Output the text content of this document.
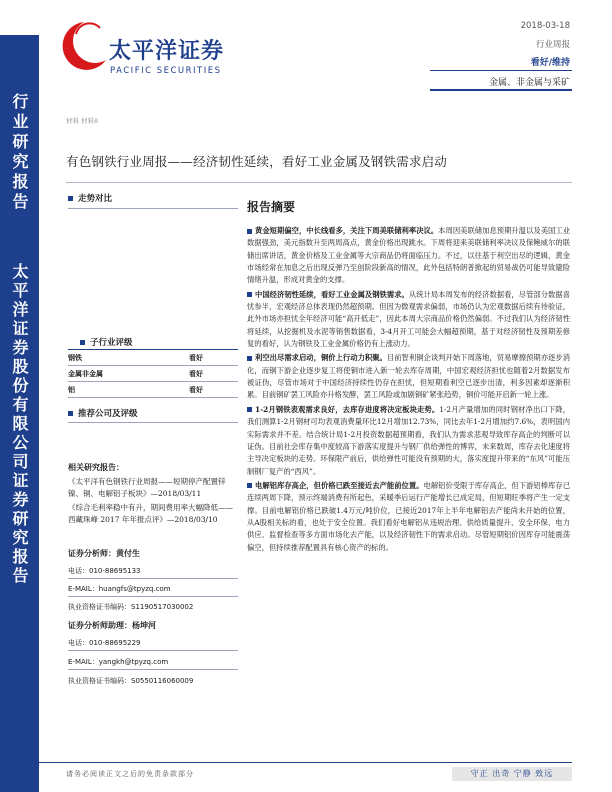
行业研究报告
太平洋证券股份有限公司证券研究报告
太平洋证券
PACIFIC SECURITIES
2018-03-18
行业周报
看好/维持
金属、非金属与采矿
材料 材料II
有色钢铁行业周报——经济韧性延续，看好工业金属及钢铁需求启动
走势对比
子行业评级
钢铁	看好
金属非金属	看好
铝	看好
推荐公司及评级
相关研究报告：
《太平洋有色钢铁行业周报——短期停产配置锌镍、铜、电解铝子板块》—2018/03/11
《综合毛利率稳中有升，期间费用率大幅降低——西藏珠峰 2017 年年报点评》—2018/03/10
证券分析师：黄付生
电话：010-88695133
E-MAIL：huangfs@tpyzq.com
执业资格证书编码：S1190517030002
证券分析师助理：杨坤河
电话：010-88695229
E-MAIL：yangkh@tpyzq.com
执业资格证书编码：S0550116060009
报告摘要

黄金短期偏空，中长线看多，关注下周美联储利率决议。本周因美联储加息预期升温以及美国工业数据强劲，美元指数升至两周高点，黄金价格出现跳水。下周将迎来美联储利率决议及保鲍威尔的联储出席讲话，黄金价格及工业金属等大宗商品仍将面临压力。不过，以往基于利空出尽的逻辑，黄金市场经常在加息之后出现反弹乃至创阶段新高的情况，此外包括特朗普掀起的贸易战仍可能导致避险情绪升温，形成对黄金的支撑。

中国经济韧性延续，看好工业金属及钢铁需求。从统计局本周发布的经济数据看，尽管部分数据喜忧参半，宏观经济总体表现仍然超预期。但因为微观需求偏弱，市场仍认为宏观数据后续有待验证，此外市场亦担忧全年经济可能“高开低走”，因此本周大宗商品价格仍然偏弱。不过我们认为经济韧性将延续，从挖掘机及水泥等销售数据看，3-4月开工可能会大幅超预期，基于对经济韧性及预期差修复的看好，认为钢铁及工业金属价格仍有上涨动力。

利空出尽需求启动，铜价上行动力积聚。目前智利铜企谈判开始下周落地，贸易摩擦预期亦逐步消化，而铜下游企业逐步复工将使铜市进入新一轮去库存周期，中国宏观经济担忧也随着2月数据发布被证伪，尽管市场对于中国经济持续性仍存在担忧，但短期看利空已逐步出清，利多因素却逐渐积累。目前铜矿罢工风险亦升格发酵，罢工风险或加剧铜矿紧张趋势，铜价可能开启新一轮上涨。

1-2月钢铁表观需求良好，去库存进度将决定板块走势。1-2月产量增加的同时钢材净出口下降，我们测算1-2月钢材可均表观消费量环比12月增加12.73%，同比去年1-2月增加约7.6%，表明国内实际需求并不差。结合统计局1-2月投资数据超预期看，我们认为需求悲观导致库存高企的判断可以证伪。目前社会库存集中度较高下游落实度提升与钢厂供给弹性的博弈，未来数周，库存去化速度将主导决定板块的走势。环保限产前后，供给弹性可能没有预期的大，落实度提升带来的“东风”可能压制钢厂复产的“西风”。

电解铝库存高企，但价格已跌至接近去产能前位置。电解铝价受限于库存高企，但下游铝棒库存已连续两周下降，预示终端消费有所起色，采暖季后运行产能增长已成定局，但短期旺季将产生一定支撑。目前电解铝价格已跌破1.4万元/吨价位，已接近2017年上半年电解铝去产能尚未开始的位置，从A股相关标的看，也处于安全位置。我们看好电解铝从违规治理、供给质量提升、安全环保、电力供应、监督检查等多方面市场化去产能，以及经济韧性下的需求启动。尽管短期铝价因库存可能震荡偏空，但持续推荐配置具有核心资产的标的。

请务必阅读正文之后的免责条款部分	守正 出奇 宁静 致远
